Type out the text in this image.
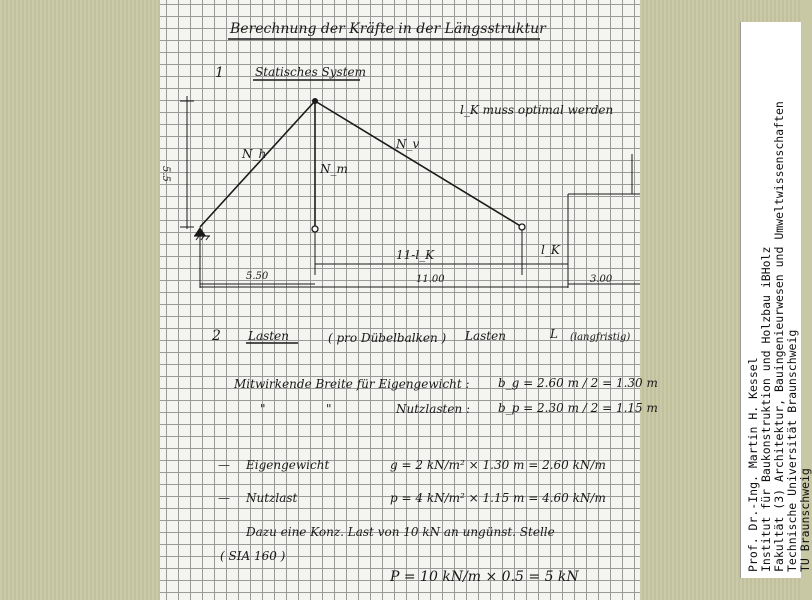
Berechnung der Kräfte in der Längsstruktur
1	Statisches System
l_K muss optimal werden
N_h
N_v
N_m
5.5
11-l_K	l_K
5.50	11.00	3.00
2 Lasten	( pro Dübelbalken ) Lasten	L (langfristig)
Mitwirkende Breite für Eigengewicht : b_g = 2.60 m / 2 = 1.30 m
"	"	Nutzlasten : b_p = 2.30 m / 2 = 1.15 m
— Eigengewicht	g = 2 kN/m² × 1.30 m = 2.60 kN/m
— Nutzlast	p = 4 kN/m² × 1.15 m = 4.60 kN/m
Dazu eine Konz. Last von 10 kN an ungünst. Stelle
( SIA 160 )
P = 10 kN/m × 0.5 = 5 kN
Prof. Dr.-Ing. Martin H. Kessel Institut für Baukonstruktion und Holzbau iBHolz Fakultät (3) Architektur, Bauingenieurwesen und Umweltwissenschaften Technische Universität Braunschweig TU Braunschweig
